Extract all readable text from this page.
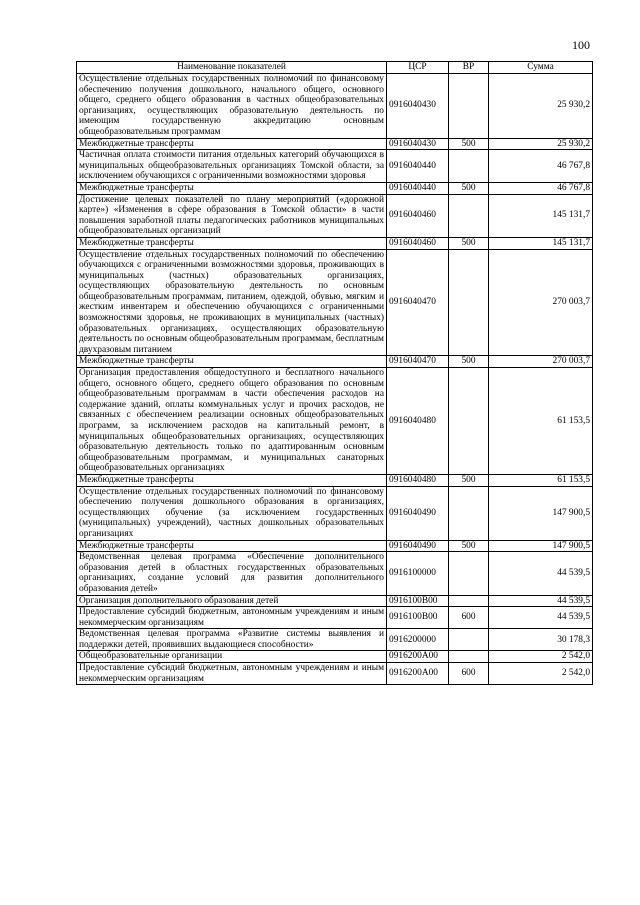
100
Наименование показателей	ЦСР	ВР	Сумма
Осуществление отдельных государственных полномочий по финансовому обеспечению получения дошкольного, начального общего, основного общего, среднего общего образования в частных общеобразовательных организациях, осуществляющих образовательную деятельность по имеющим государственную аккредитацию основным общеобразовательным программам	0916040430		25 930,2
Межбюджетные трансферты	0916040430	500	25 930,2
Частичная оплата стоимости питания отдельных категорий обучающихся в муниципальных общеобразовательных организациях Томской области, за исключением обучающихся с ограниченными возможностями здоровья	0916040440		46 767,8
Межбюджетные трансферты	0916040440	500	46 767,8
Достижение целевых показателей по плану мероприятий («дорожной карте») «Изменения в сфере образования в Томской области» в части повышения заработной платы педагогических работников муниципальных общеобразовательных организаций	0916040460		145 131,7
Межбюджетные трансферты	0916040460	500	145 131,7
Осуществление отдельных государственных полномочий по обеспечению обучающихся с ограниченными возможностями здоровья, проживающих в муниципальных (частных) образовательных организациях, осуществляющих образовательную деятельность по основным общеобразовательным программам, питанием, одеждой, обувью, мягким и жестким инвентарем и обеспечению обучающихся с ограниченными возможностями здоровья, не проживающих в муниципальных (частных) образовательных организациях, осуществляющих образовательную деятельность по основным общеобразовательным программам, бесплатным двухразовым питанием	0916040470		270 003,7
Межбюджетные трансферты	0916040470	500	270 003,7
Организация предоставления общедоступного и бесплатного начального общего, основного общего, среднего общего образования по основным общеобразовательным программам в части обеспечения расходов на содержание зданий, оплаты коммунальных услуг и прочих расходов, не связанных с обеспечением реализации основных общеобразовательных программ, за исключением расходов на капитальный ремонт, в муниципальных общеобразовательных организациях, осуществляющих образовательную деятельность только по адаптированным основным общеобразовательным программам, и муниципальных санаторных общеобразовательных организациях	0916040480		61 153,5
Межбюджетные трансферты	0916040480	500	61 153,5
Осуществление отдельных государственных полномочий по финансовому обеспечению получения дошкольного образования в организациях, осуществляющих обучение (за исключением государственных (муниципальных) учреждений), частных дошкольных образовательных организациях	0916040490		147 900,5
Межбюджетные трансферты	0916040490	500	147 900,5
Ведомственная целевая программа «Обеспечение дополнительного образования детей в областных государственных образовательных организациях, создание условий для развития дополнительного образования детей»	0916100000		44 539,5
Организация дополнительного образования детей	0916100B00		44 539,5
Предоставление субсидий бюджетным, автономным учреждениям и иным некоммерческим организациям	0916100B00	600	44 539,5
Ведомственная целевая программа «Развитие системы выявления и поддержки детей, проявивших выдающиеся способности»	0916200000		30 178,3
Общеобразовательные организации	0916200A00		2 542,0
Предоставление субсидий бюджетным, автономным учреждениям и иным некоммерческим организациям	0916200A00	600	2 542,0
